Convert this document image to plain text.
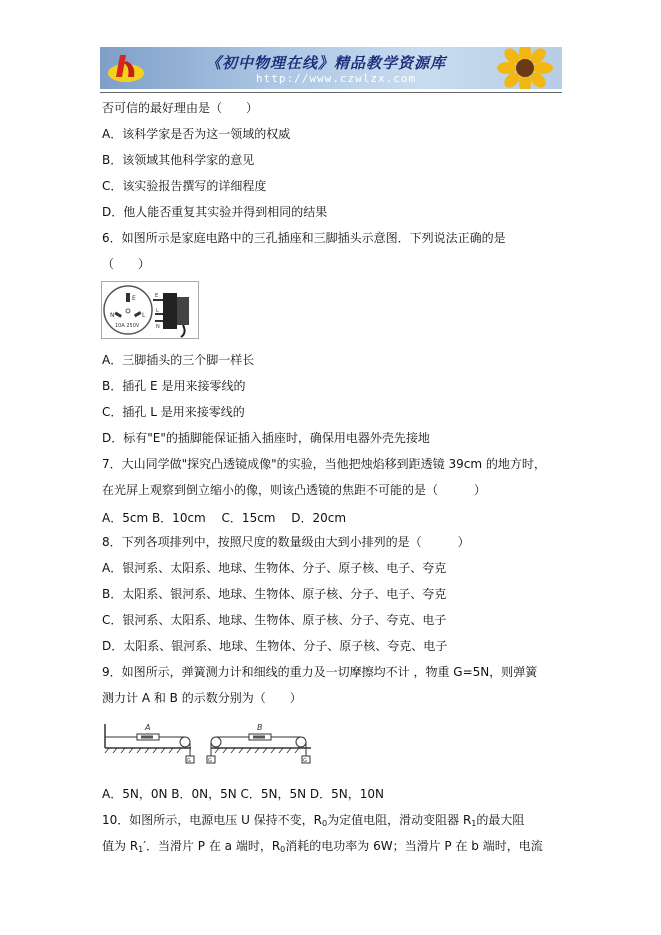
《初中物理在线》精品教学资源库
http://www.czwlzx.com
否可信的最好理由是（　　）
A．该科学家是否为这一领域的权威
B．该领域其他科学家的意见
C．该实验报告撰写的详细程度
D．他人能否重复其实验并得到相同的结果
6．如图所示是家庭电路中的三孔插座和三脚插头示意图．下列说法正确的是
（　　）
E
N	L
10A 250V
E
L
N
A．三脚插头的三个脚一样长
B．插孔 E 是用来接零线的
C．插孔 L 是用来接零线的
D．标有"E"的插脚能保证插入插座时，确保用电器外壳先接地
7．大山同学做"探究凸透镜成像"的实验，当他把烛焰移到距透镜 39cm 的地方时，
在光屏上观察到倒立缩小的像，则该凸透镜的焦距不可能的是（　　　）
A．5cm B．10cm　 C．15cm　 D．20cm
8．下列各项排列中，按照尺度的数量级由大到小排列的是（　　　）
A．银河系、太阳系、地球、生物体、分子、原子核、电子、夸克
B．太阳系、银河系、地球、生物体、原子核、分子、电子、夸克
C．银河系、太阳系、地球、生物体、原子核、分子、夸克、电子
D．太阳系、银河系、地球、生物体、分子、原子核、夸克、电子
9．如图所示，弹簧测力计和细线的重力及一切摩擦均不计 ，物重 G=5N，则弹簧
测力计 A 和 B 的示数分别为（　　）
G
A
G	G
B
A．5N，0N B．0N，5N C．5N，5N D．5N，10N
10．如图所示，电源电压 U 保持不变，$R_0$为定值电阻，滑动变阻器 $R_1$的最大阻
值为 $R_1'$．当滑片 P 在 a 端时，$R_0$消耗的电功率为 6W；当滑片 P 在 b 端时，电流
